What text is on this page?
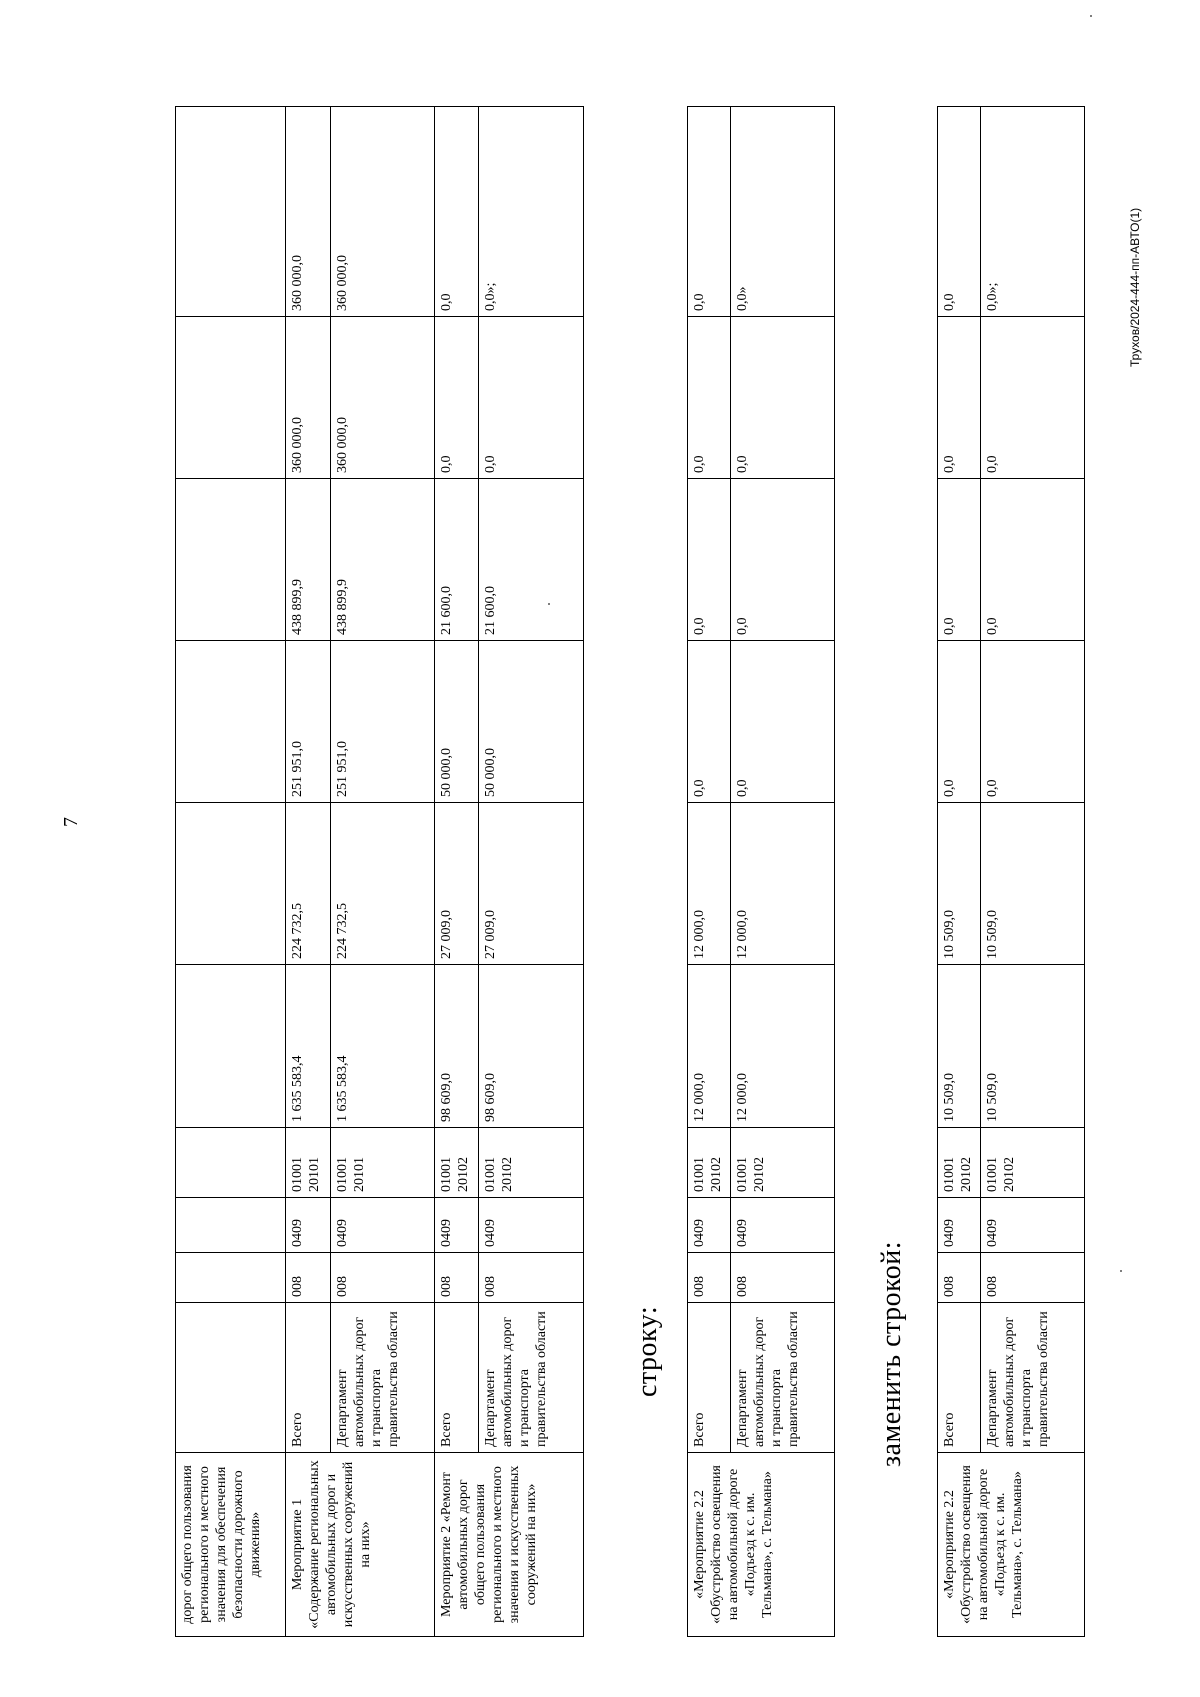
дорог общего пользования регионального и местного значения для обеспечения безопасности дорожного движения»										
Мероприятие 1 «Содержание региональных автомобильных дорог и искусственных сооружений на них»	Всего	008	0409	01001 20101	1 635 583,4	224 732,5	251 951,0	438 899,9	360 000,0	360 000,0
	Департамент автомобильных дорог и транспорта правительства области	008	0409	01001 20101	1 635 583,4	224 732,5	251 951,0	438 899,9	360 000,0	360 000,0
Мероприятие 2 «Ремонт автомобильных дорог общего пользования регионального и местного значения и искусственных сооружений на них»	Всего	008	0409	01001 20102	98 609,0	27 009,0	50 000,0	21 600,0	0,0	0,0
	Департамент автомобильных дорог и транспорта правительства области	008	0409	01001 20102	98 609,0	27 009,0	50 000,0	21 600,0	0,0	0,0»;
строку:
«Мероприятие 2.2 «Обустройство освещения на автомобильной дороге «Подъезд к с. им. Тельмана», с. Тельмана»	Всего	008	0409	01001 20102	12 000,0	12 000,0	0,0	0,0	0,0	0,0
	Департамент автомобильных дорог и транспорта правительства области	008	0409	01001 20102	12 000,0	12 000,0	0,0	0,0	0,0	0,0»
заменить строкой:
«Мероприятие 2.2 «Обустройство освещения на автомобильной дороге «Подъезд к с. им. Тельмана», с. Тельмана»	Всего	008	0409	01001 20102	10 509,0	10 509,0	0,0	0,0	0,0	0,0
	Департамент автомобильных дорог и транспорта правительства области	008	0409	01001 20102	10 509,0	10 509,0	0,0	0,0	0,0	0,0»;
7
Трухов/2024-444-пп-АВТО(1)
